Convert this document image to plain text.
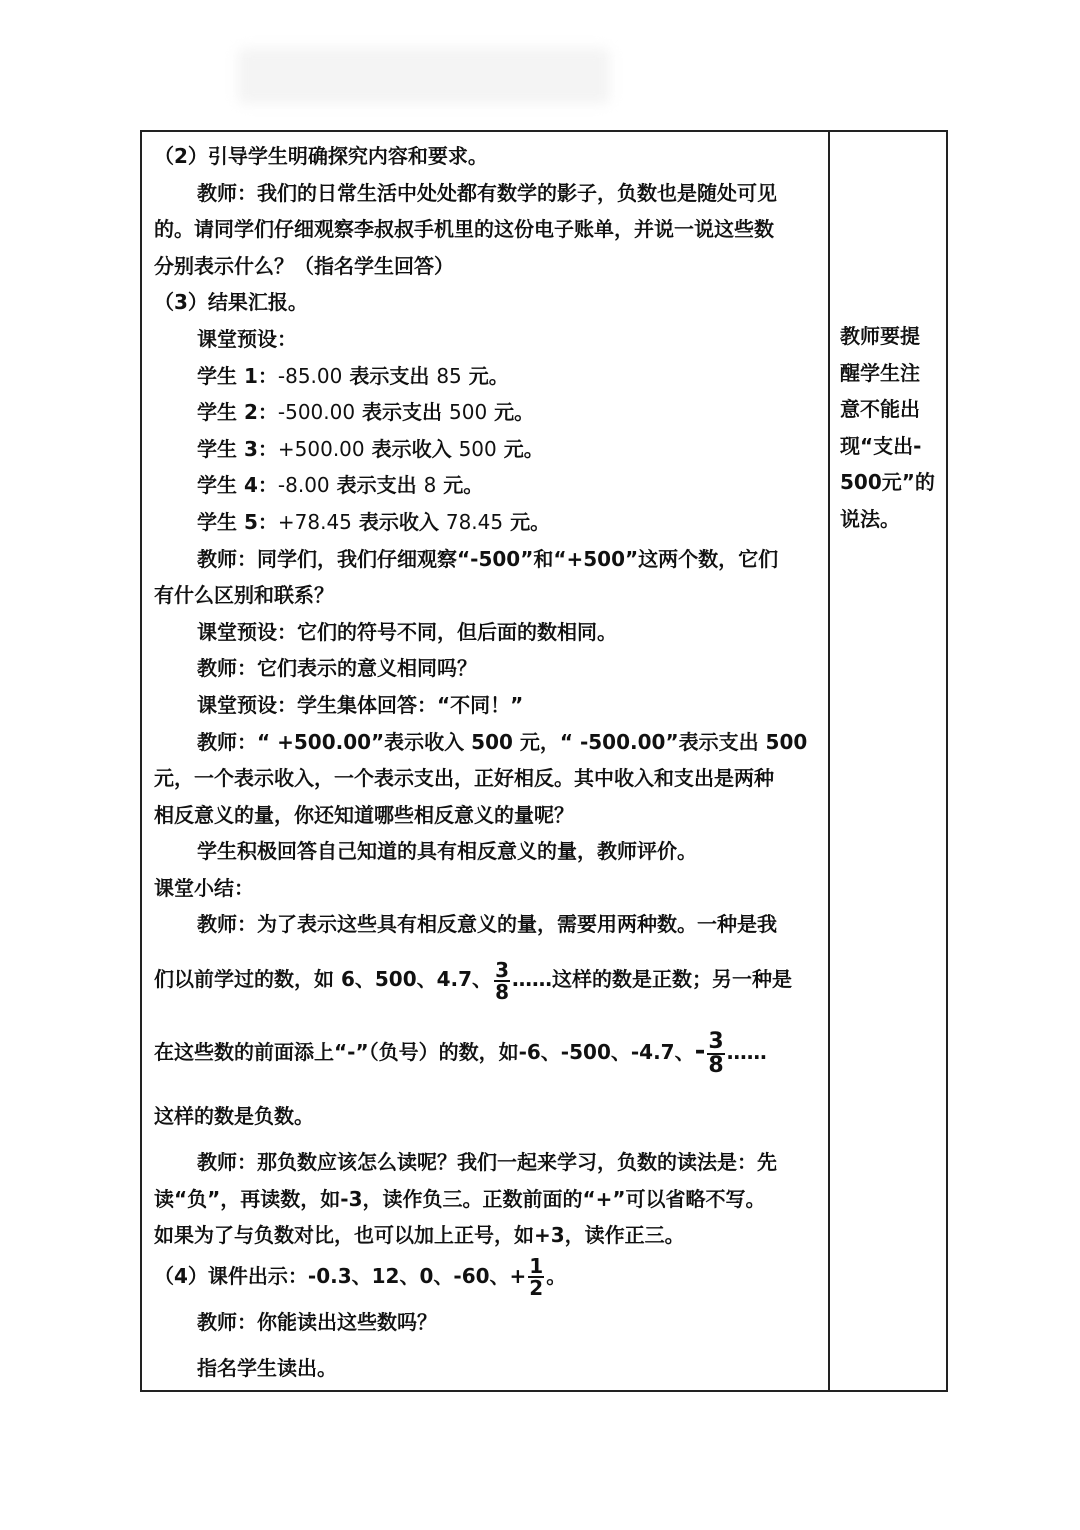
（2）引导学生明确探究内容和要求。
教师：我们的日常生活中处处都有数学的影子，负数也是随处可见
的。请同学们仔细观察李叔叔手机里的这份电子账单，并说一说这些数
分别表示什么？（指名学生回答）
（3）结果汇报。
课堂预设：
学生 1：-85.00 表示支出 85 元。
学生 2：-500.00 表示支出 500 元。
学生 3：+500.00 表示收入 500 元。
学生 4：-8.00 表示支出 8 元。
学生 5：+78.45 表示收入 78.45 元。
教师：同学们，我们仔细观察“-500”和“+500”这两个数，它们
有什么区别和联系？
课堂预设：它们的符号不同，但后面的数相同。
教师：它们表示的意义相同吗？
课堂预设：学生集体回答：“不同！”
教师：“ +500.00”表示收入 500 元，“ -500.00”表示支出 500
元，一个表示收入，一个表示支出，正好相反。其中收入和支出是两种
相反意义的量，你还知道哪些相反意义的量呢？
学生积极回答自己知道的具有相反意义的量，教师评价。
课堂小结：
教师：为了表示这些具有相反意义的量，需要用两种数。一种是我
们以前学过的数，如 6、500、4.7、 $\frac{3}{8}$ ……这样的数是正数；另一种是
在这些数的前面添上“-”（负号）的数，如-6、-500、-4.7、- $\frac{3}{8}$ ……
这样的数是负数。
教师：那负数应该怎么读呢？我们一起来学习，负数的读法是：先
读“负”，再读数，如-3，读作负三。正数前面的“+”可以省略不写。
如果为了与负数对比，也可以加上正号，如+3，读作正三。
（4）课件出示：-0.3、12、0、-60、+ $\frac{1}{2}$ 。
教师：你能读出这些数吗？
指名学生读出。

教师要提
醒学生注
意不能出
现“支出-
500元”的
说法。
